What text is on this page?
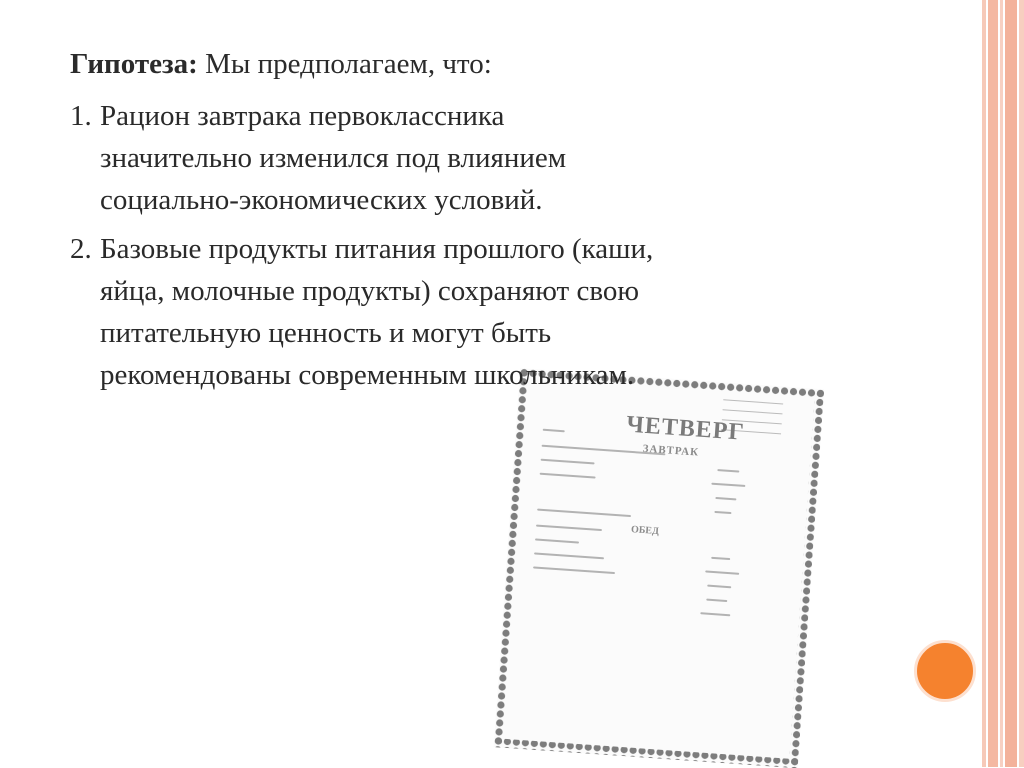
ЧЕТВЕРГ
ЗАВТРАК
ОБЕД
Гипотеза: Мы предполагаем, что:
1. Рацион завтрака первоклассника
значительно изменился под влиянием
социально-экономических условий.
2. Базовые продукты питания прошлого (каши,
яйца, молочные продукты) сохраняют свою
питательную ценность и могут быть
рекомендованы современным школьникам.
